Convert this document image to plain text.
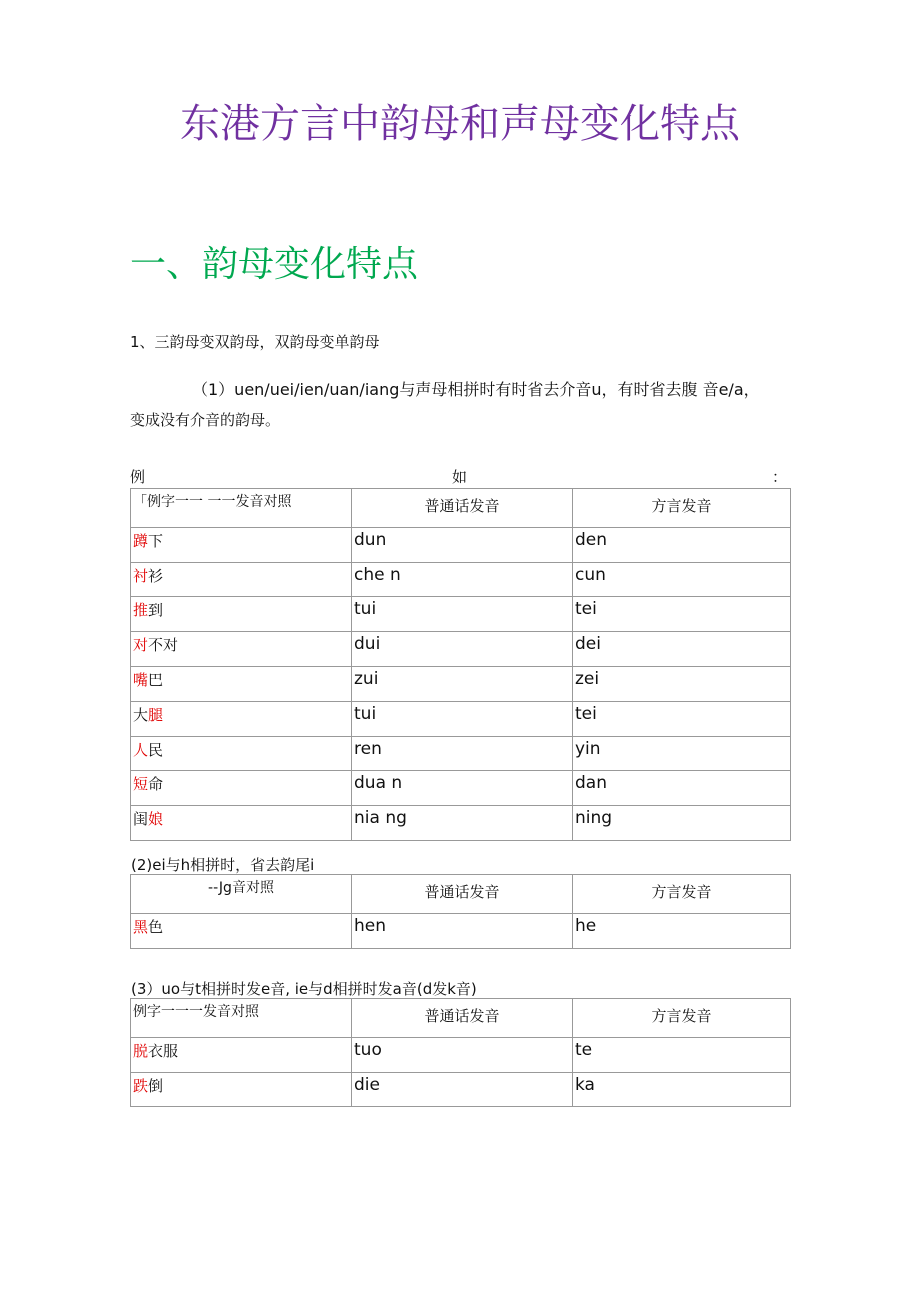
东港方言中韵母和声母变化特点
一、韵母变化特点
1、三韵母变双韵母，双韵母变单韵母
（1）uen/uei/ien/uan/iang与声母相拼时有时省去介音u，有时省去腹 音e/a，
变成没有介音的韵母。
例	如	：
「例字一一 一一发音对照	普通话发音	方言发音
蹲下	dun	den
衬衫	che n	cun
推到	tui	tei
对不对	dui	dei
嘴巴	zui	zei
大腿	tui	tei
人民	ren	yin
短命	dua n	dan
闺娘	nia ng	ning
(2)ei与h相拼时，省去韵尾i
--Jg音对照	普通话发音	方言发音
黑色	hen	he
(3）uo与t相拼时发e音, ie与d相拼时发a音(d发k音)
例字一一一发音对照	普通话发音	方言发音
脱衣服	tuo	te
跌倒	die	ka
